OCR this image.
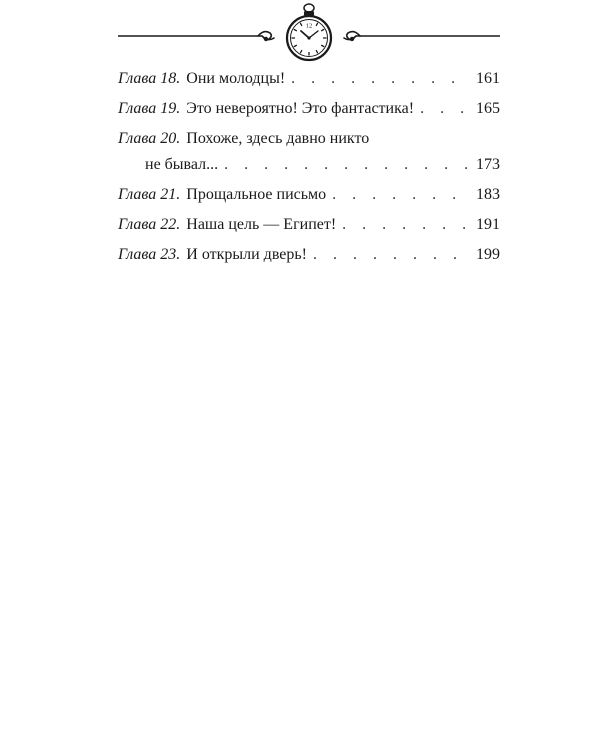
12
Глава 18. Они молодцы! . . .	161
Глава 19. Это невероятно! Это фантастика! . . .	165
Глава 20. Похоже, здесь давно никто
не бывал... . . .	173
Глава 21. Прощальное письмо . . .	183
Глава 22. Наша цель — Египет! . . .	191
Глава 23. И открыли дверь! . . .	199
